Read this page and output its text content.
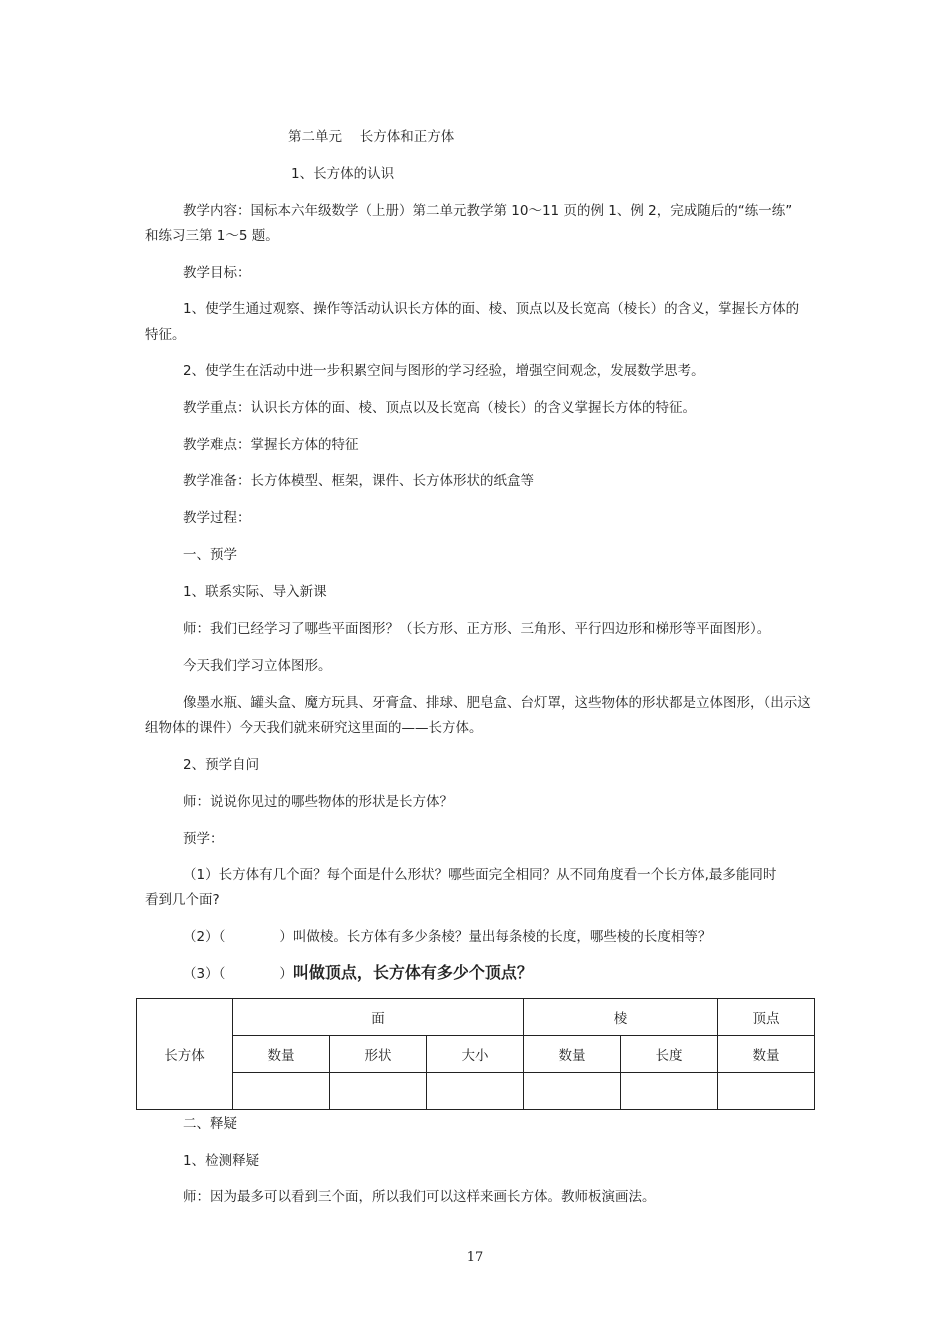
第二单元　 长方体和正方体
1、长方体的认识
教学内容：国标本六年级数学（上册）第二单元教学第 10～11 页的例 1、例 2，完成随后的“练一练”
和练习三第 1～5 题。
教学目标：
1、使学生通过观察、操作等活动认识长方体的面、棱、顶点以及长宽高（棱长）的含义，掌握长方体的
特征。
2、使学生在活动中进一步积累空间与图形的学习经验，增强空间观念，发展数学思考。
教学重点：认识长方体的面、棱、顶点以及长宽高（棱长）的含义掌握长方体的特征。
教学难点：掌握长方体的特征
教学准备：长方体模型、框架，课件、长方体形状的纸盒等
教学过程：
一、预学
1、联系实际、导入新课
师：我们已经学习了哪些平面图形？（长方形、正方形、三角形、平行四边形和梯形等平面图形）。
今天我们学习立体图形。
像墨水瓶、罐头盒、魔方玩具、牙膏盒、排球、肥皂盒、台灯罩，这些物体的形状都是立体图形，（出示这
组物体的课件）今天我们就来研究这里面的——长方体。
2、预学自问
师：说说你见过的哪些物体的形状是长方体？
预学：
（1）长方体有几个面？每个面是什么形状？哪些面完全相同？从不同角度看一个长方体,最多能同时
看到几个面?
（2）（　　　　）叫做棱。长方体有多少条棱？量出每条棱的长度，哪些棱的长度相等？
（3）（　　　　）叫做顶点，长方体有多少个顶点？
长方体	面			棱		顶点
	数量	形状	大小	数量	长度	数量

二、释疑
1、检测释疑
师：因为最多可以看到三个面，所以我们可以这样来画长方体。教师板演画法。
17
